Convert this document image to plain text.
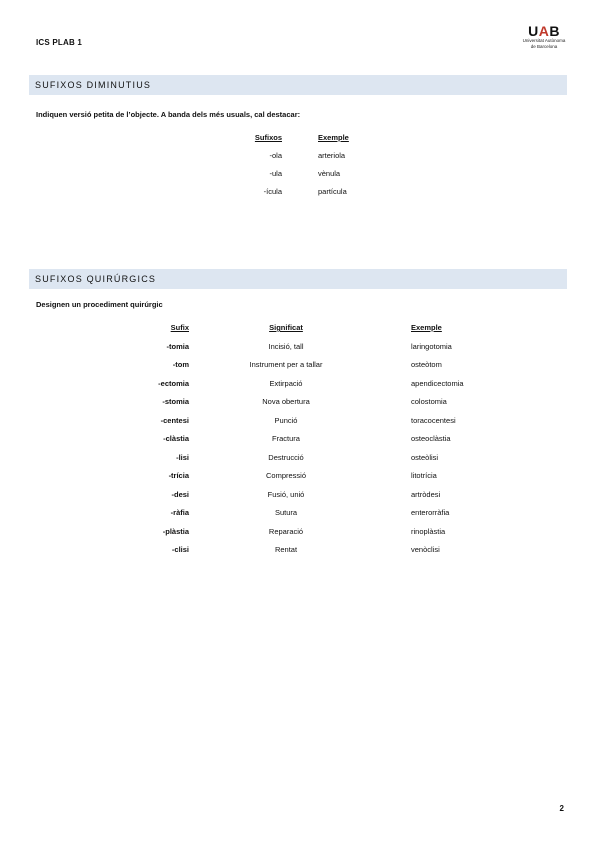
ICS PLAB 1
UAB
Universitat Autònoma
de Barcelona
SUFIXOS DIMINUTIUS
Indiquen versió petita de l’objecte. A banda dels més usuals, cal destacar:
Sufixos	Exemple
-ola	arteriola
-ula	vènula
-ícula	partícula
SUFIXOS QUIRÚRGICS
Designen un procediment quirúrgic
Sufix	Significat	Exemple
-tomia	Incisió, tall	laringotomia
-tom	Instrument per a tallar	osteòtom
-ectomia	Extirpació	apendicectomia
-stomia	Nova obertura	colostomia
-centesi	Punció	toracocentesi
-clàstia	Fractura	osteoclàstia
-lisi	Destrucció	osteòlisi
-trícia	Compressió	litotrícia
-desi	Fusió, unió	artròdesi
-ràfia	Sutura	enterorràfia
-plàstia	Reparació	rinoplàstia
-clisi	Rentat	venòclisi
2
